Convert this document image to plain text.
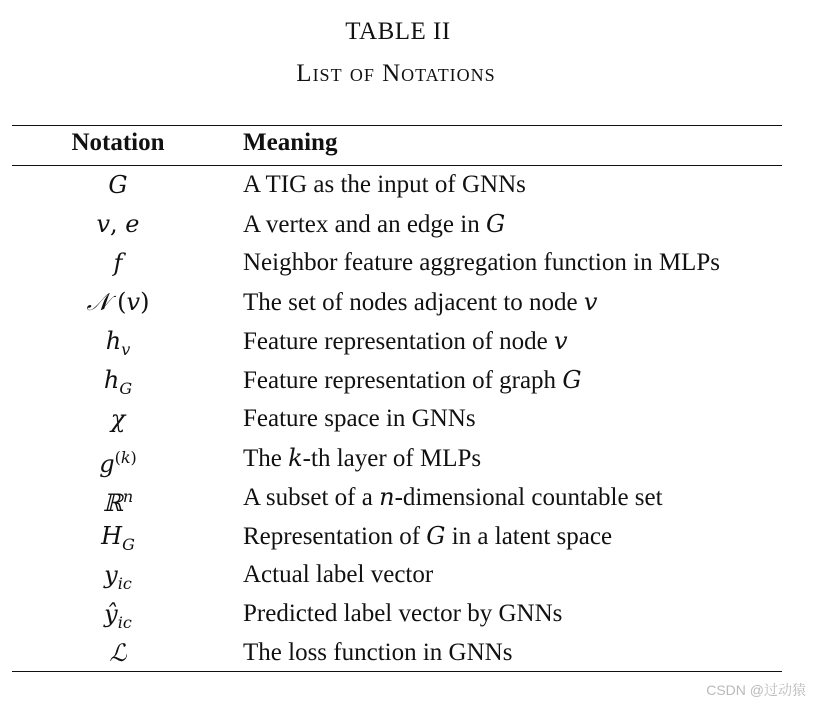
TABLE II
List of Notations
Notation	Meaning
G	A TIG as the input of GNNs
v, e	A vertex and an edge in G
f	Neighbor feature aggregation function in MLPs
𝒩 (v)	The set of nodes adjacent to node v
$h_v$	Feature representation of node v
$h_G$	Feature representation of graph G
χ	Feature space in GNNs
$g^{(k)}$	The k-th layer of MLPs
ℝ$^n$	A subset of a n-dimensional countable set
$H_G$	Representation of G in a latent space
$y_{ic}$	Actual label vector
$ŷ_{ic}$	Predicted label vector by GNNs
ℒ	The loss function in GNNs
CSDN @过动猿
